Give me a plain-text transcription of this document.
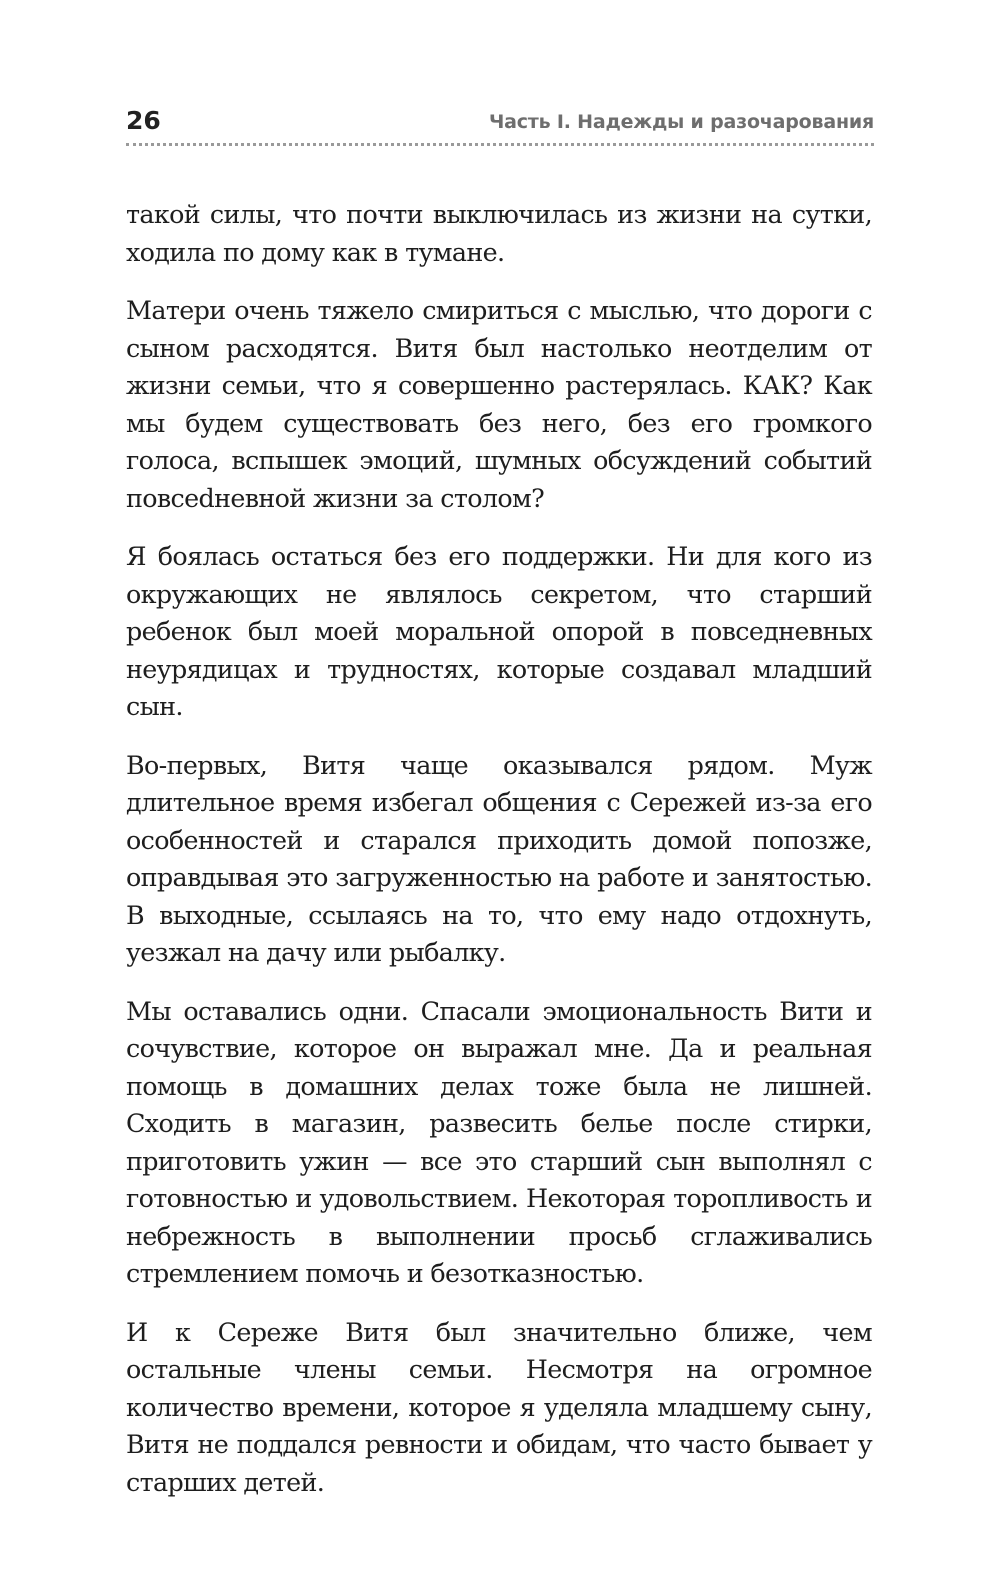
26	Часть I. Надежды и разочарования

такой силы, что почти выключилась из жизни на сутки, ходила по дому как в тумане.

Матери очень тяжело смириться с мыслью, что дороги с сыном расходятся. Витя был настолько неотделим от жизни семьи, что я совершенно растерялась. КАК? Как мы будем существовать без него, без его громкого голоса, вспышек эмоций, шумных обсуждений событий повсеdневной жизни за столом?

Я боялась остаться без его поддержки. Ни для кого из окружающих не являлось секретом, что старший ребенок был моей моральной опорой в повседневных неурядицах и трудностях, которые создавал младший сын.

Во-первых, Витя чаще оказывался рядом. Муж длительное время избегал общения с Сережей из-за его особенностей и старался приходить домой попозже, оправдывая это загруженностью на работе и занятостью. В выходные, ссылаясь на то, что ему надо отдохнуть, уезжал на дачу или рыбалку.

Мы оставались одни. Спасали эмоциональность Вити и сочувствие, которое он выражал мне. Да и реальная помощь в домашних делах тоже была не лишней. Сходить в магазин, развесить белье после стирки, приготовить ужин — все это старший сын выполнял с готовностью и удовольствием. Некоторая торопливость и небрежность в выполнении просьб сглаживались стремлением помочь и безотказностью.

И к Сереже Витя был значительно ближе, чем остальные члены семьи. Несмотря на огромное количество времени, которое я уделяла младшему сыну, Витя не поддался ревности и обидам, что часто бывает у старших детей.
